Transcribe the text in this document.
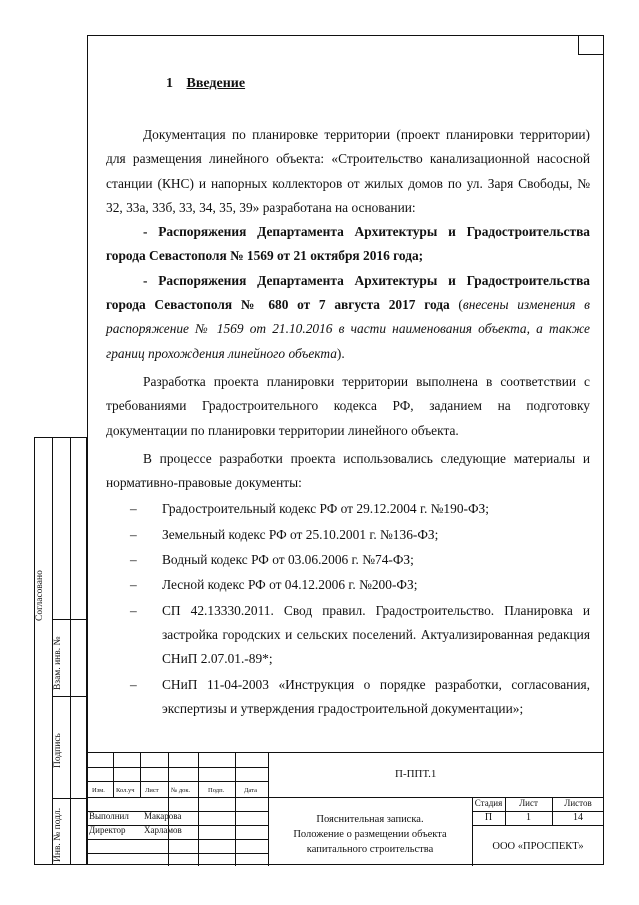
1 Введение

Документация по планировке территории (проект планировки территории) для размещения линейного объекта: «Строительство канализационной насосной станции (КНС) и напорных коллекторов от жилых домов по ул. Заря Свободы, № 32, 33а, 33б, 33, 34, 35, 39» разработана на основании:

- Распоряжения Департамента Архитектуры и Градостроительства города Севастополя № 1569 от 21 октября 2016 года;

- Распоряжения Департамента Архитектуры и Градостроительства города Севастополя № 680 от 7 августа 2017 года (внесены изменения в распоряжение № 1569 от 21.10.2016 в части наименования объекта, а также границ прохождения линейного объекта).

Разработка проекта планировки территории выполнена в соответствии с требованиями Градостроительного кодекса РФ, заданием на подготовку документации по планировки территории линейного объекта.

В процессе разработки проекта использовались следующие материалы и нормативно-правовые документы:

– Градостроительный кодекс РФ от 29.12.2004 г. №190-ФЗ;
– Земельный кодекс РФ от 25.10.2001 г. №136-ФЗ;
– Водный кодекс РФ от 03.06.2006 г. №74-ФЗ;
– Лесной кодекс РФ от 04.12.2006 г. №200-ФЗ;
– СП 42.13330.2011. Свод правил. Градостроительство. Планировка и застройка городских и сельских поселений. Актуализированная редакция СНиП 2.07.01.-89*;
– СНиП 11-04-2003 «Инструкция о порядке разработки, согласования, экспертизы и утверждения градостроительной документации»;
Согласовано
Взам. инв. №
Подпись
Инв. № подл.
Изм. Кол.уч Лист № док.	Подп.	Дата
Выполнил Макарова
Директор Харламов
П-ППТ.1
Пояснительная записка.
Положение о размещении объекта
капитального строительства
Стадия	Лист	Листов
П	1	14
ООО «ПРОСПЕКТ»
